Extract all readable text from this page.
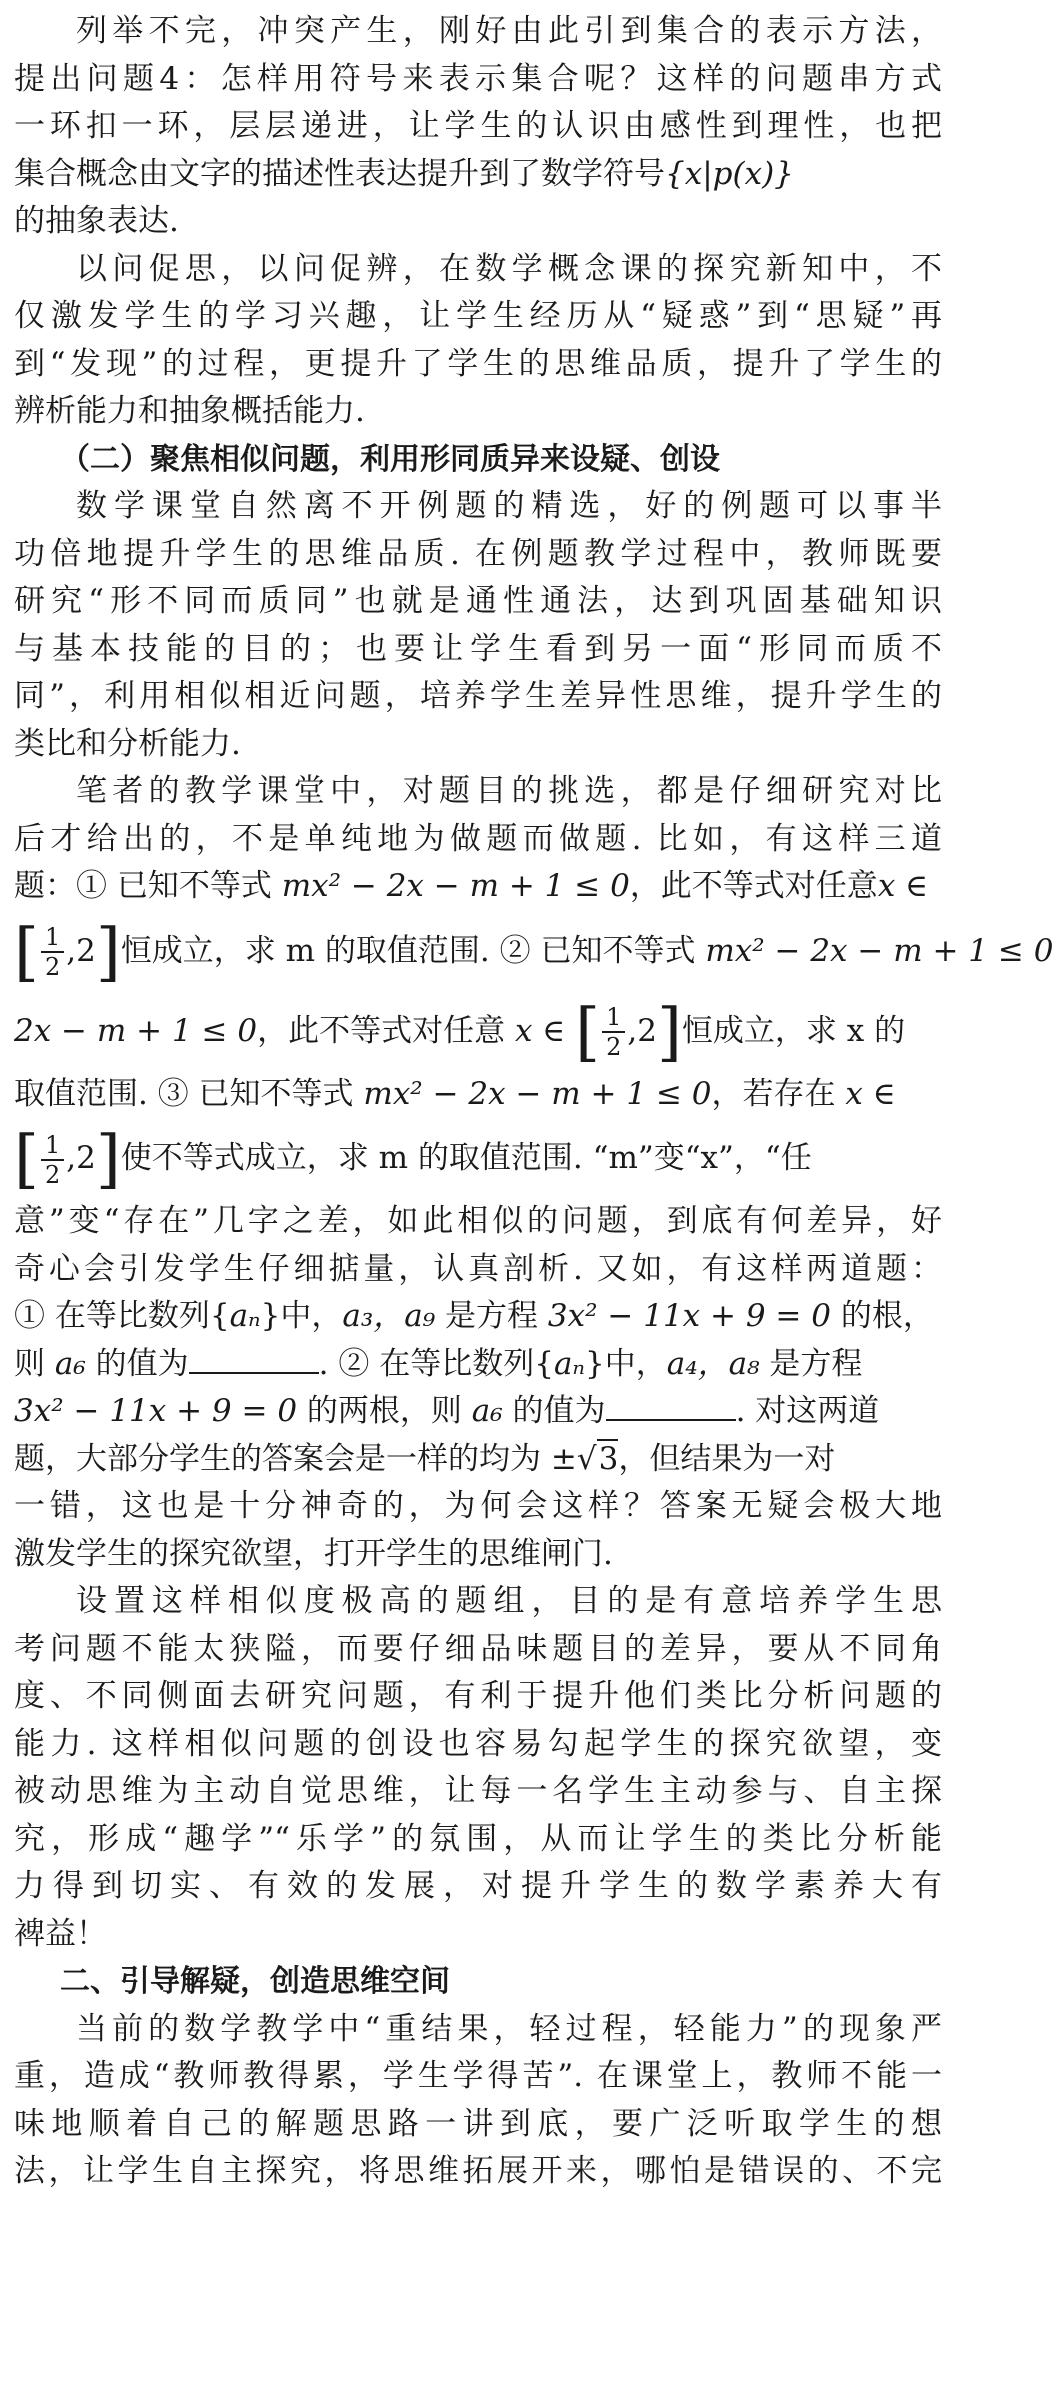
列举不完，冲突产生，刚好由此引到集合的表示方法，
提出问题4：怎样用符号来表示集合呢？这样的问题串方式
一环扣一环，层层递进，让学生的认识由感性到理性，也把
集合概念由文字的描述性表达提升到了数学符号{x|p(x)}
的抽象表达.
以问促思，以问促辨，在数学概念课的探究新知中，不
仅激发学生的学习兴趣，让学生经历从“疑惑”到“思疑”再
到“发现”的过程，更提升了学生的思维品质，提升了学生的
辨析能力和抽象概括能力.
（二）聚焦相似问题，利用形同质异来设疑、创设
数学课堂自然离不开例题的精选，好的例题可以事半
功倍地提升学生的思维品质. 在例题教学过程中，教师既要
研究“形不同而质同”也就是通性通法，达到巩固基础知识
与基本技能的目的；也要让学生看到另一面“形同而质不
同”，利用相似相近问题，培养学生差异性思维，提升学生的
类比和分析能力.
笔者的教学课堂中，对题目的挑选，都是仔细研究对比
后才给出的，不是单纯地为做题而做题. 比如，有这样三道
题：① 已知不等式 mx² − 2x − m + 1 ≤ 0，此不等式对任意x ∈
[ $\frac{1}{2} ,2$]恒成立，求 m 的取值范围. ② 已知不等式 mx² − 2x − m + 1 ≤ 0
2x − m + 1 ≤ 0，此不等式对任意 x ∈ [ $\frac{1}{2} ,2$]恒成立，求 x 的
取值范围. ③ 已知不等式 mx² − 2x − m + 1 ≤ 0，若存在 x ∈
[ $\frac{1}{2} ,2$]使不等式成立，求 m 的取值范围. “m”变“x”，“任
意”变“存在”几字之差，如此相似的问题，到底有何差异，好
奇心会引发学生仔细掂量，认真剖析. 又如，有这样两道题：
① 在等比数列{aₙ}中，a₃，a₉ 是方程 3x² − 11x + 9 = 0 的根，
则 a₆ 的值为	. ② 在等比数列{aₙ}中，a₄，a₈ 是方程
3x² − 11x + 9 = 0 的两根，则 a₆ 的值为	. 对这两道
题，大部分学生的答案会是一样的均为 ±√3，但结果为一对
一错，这也是十分神奇的，为何会这样？答案无疑会极大地
激发学生的探究欲望，打开学生的思维闸门.
设置这样相似度极高的题组，目的是有意培养学生思
考问题不能太狭隘，而要仔细品味题目的差异，要从不同角
度、不同侧面去研究问题，有利于提升他们类比分析问题的
能力. 这样相似问题的创设也容易勾起学生的探究欲望，变
被动思维为主动自觉思维，让每一名学生主动参与、自主探
究，形成“趣学”“乐学”的氛围，从而让学生的类比分析能
力得到切实、有效的发展，对提升学生的数学素养大有
裨益！
二、引导解疑，创造思维空间
当前的数学教学中“重结果，轻过程，轻能力”的现象严
重，造成“教师教得累，学生学得苦”. 在课堂上，教师不能一
味地顺着自己的解题思路一讲到底，要广泛听取学生的想
法，让学生自主探究，将思维拓展开来，哪怕是错误的、不完
